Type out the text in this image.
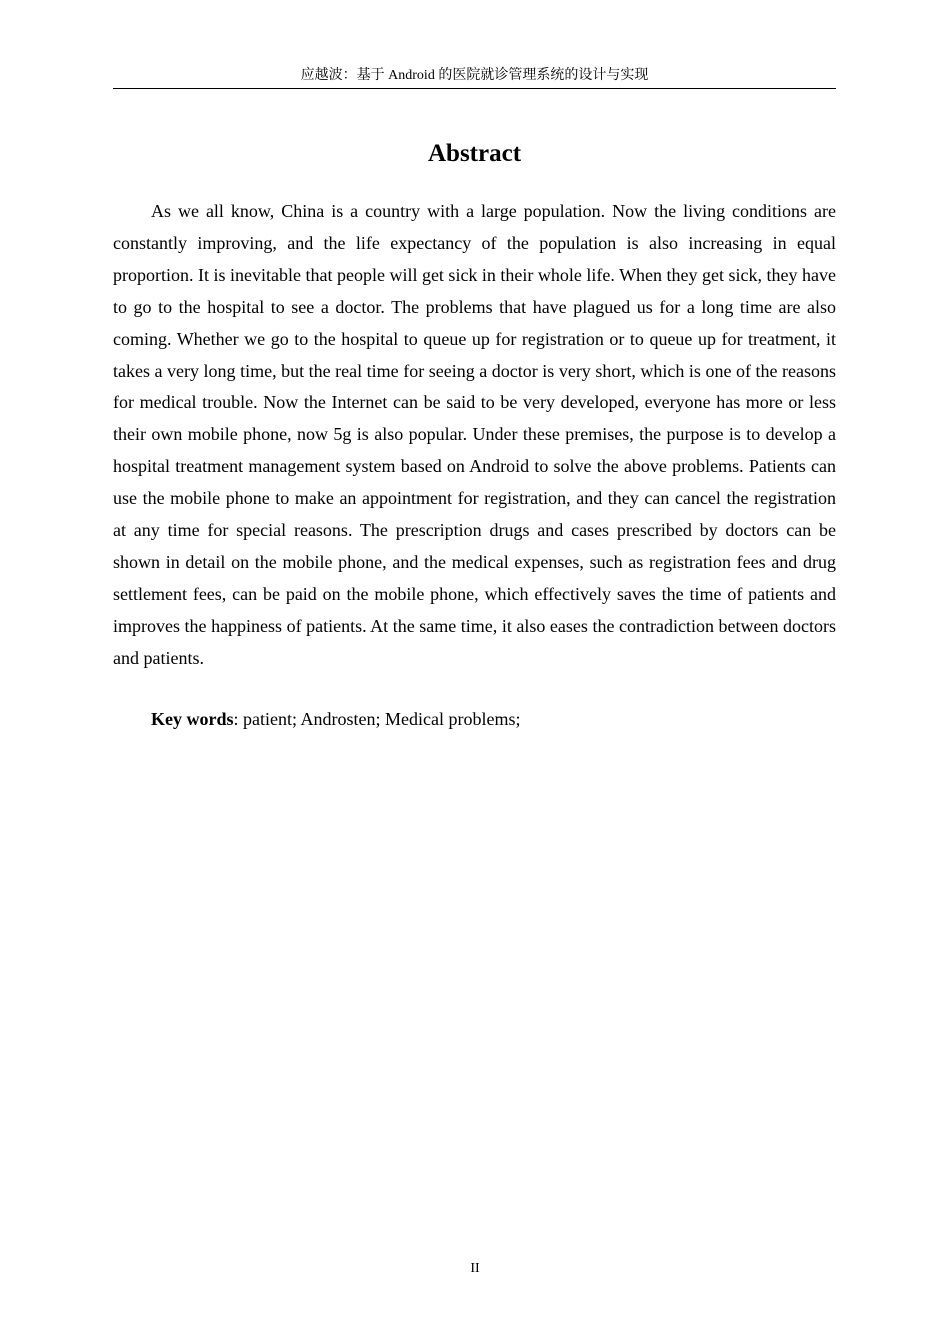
应越波：基于 Android 的医院就诊管理系统的设计与实现
Abstract

As we all know, China is a country with a large population. Now the living conditions are constantly improving, and the life expectancy of the population is also increasing in equal proportion. It is inevitable that people will get sick in their whole life. When they get sick, they have to go to the hospital to see a doctor. The problems that have plagued us for a long time are also coming. Whether we go to the hospital to queue up for registration or to queue up for treatment, it takes a very long time, but the real time for seeing a doctor is very short, which is one of the reasons for medical trouble. Now the Internet can be said to be very developed, everyone has more or less their own mobile phone, now 5g is also popular. Under these premises, the purpose is to develop a hospital treatment management system based on Android to solve the above problems. Patients can use the mobile phone to make an appointment for registration, and they can cancel the registration at any time for special reasons. The prescription drugs and cases prescribed by doctors can be shown in detail on the mobile phone, and the medical expenses, such as registration fees and drug settlement fees, can be paid on the mobile phone, which effectively saves the time of patients and improves the happiness of patients. At the same time, it also eases the contradiction between doctors and patients.

Key words: patient; Androsten; Medical problems;

II
